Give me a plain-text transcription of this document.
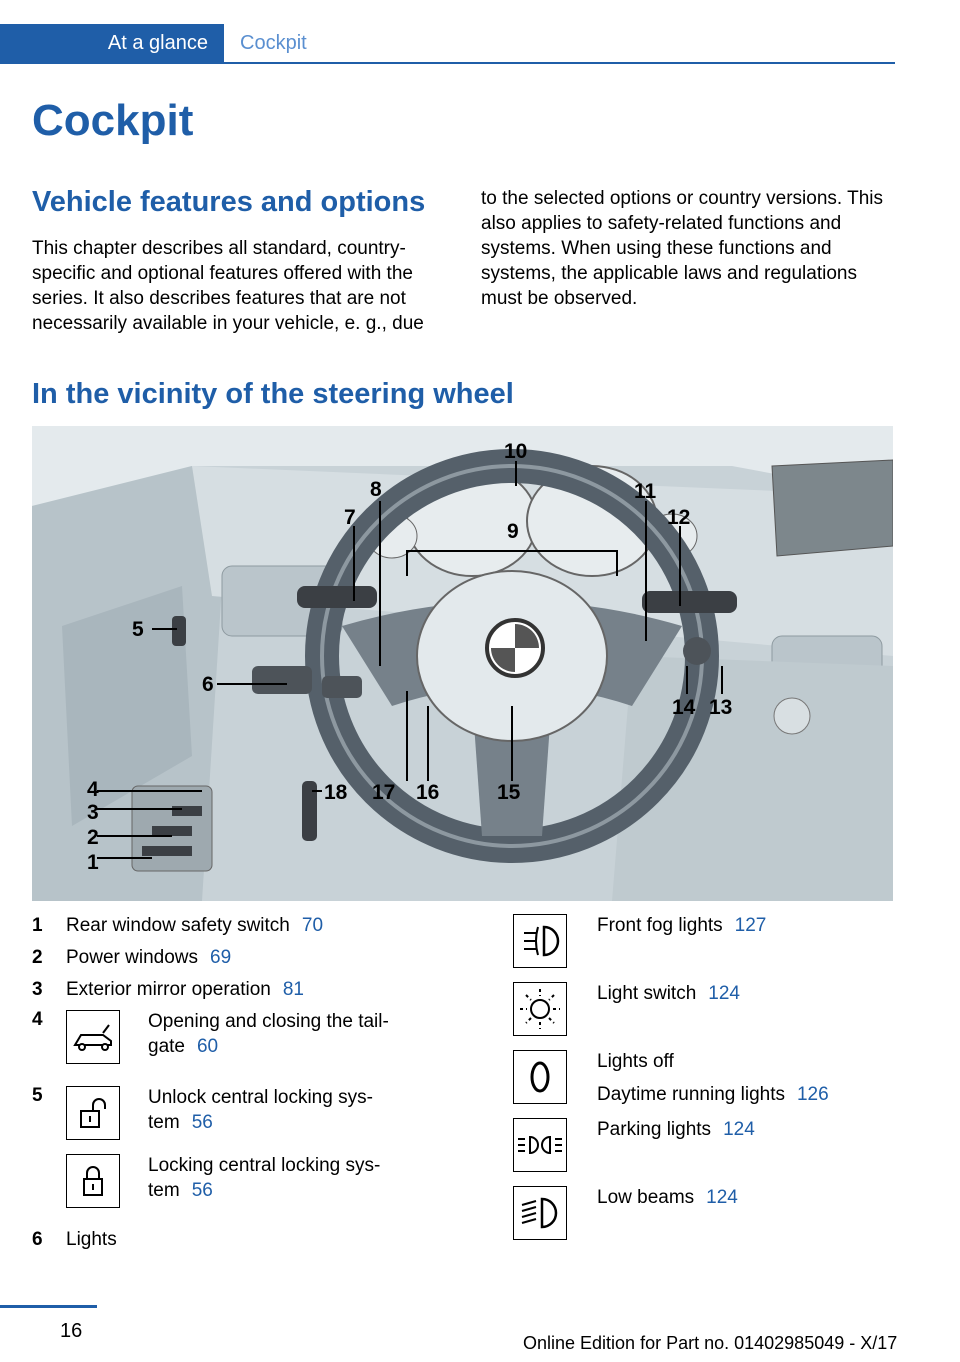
At a glance	Cockpit
Cockpit
Vehicle features and options

This chapter describes all standard, country-specific and optional features offered with the series. It also describes features that are not necessarily available in your vehicle, e. g., due

to the selected options or country versions. This also applies to safety-related functions and systems. When using these functions and systems, the applicable laws and regulations must be observed.

In the vicinity of the steering wheel
1
2
3
4
5
6
7
8
9
10
11
12
13
14
15
16
17
18
1 Rear window safety switch 70
2 Power windows 69
3 Exterior mirror operation 81
4	Opening and closing the tail-
gate 60
5	Unlock central locking sys-
tem 56
Locking central locking sys-
tem 56
6 Lights
Front fog lights 127
Light switch 124
Lights off
Daytime running lights 126
Parking lights 124
Low beams 124
16
Online Edition for Part no. 01402985049 - X/17
